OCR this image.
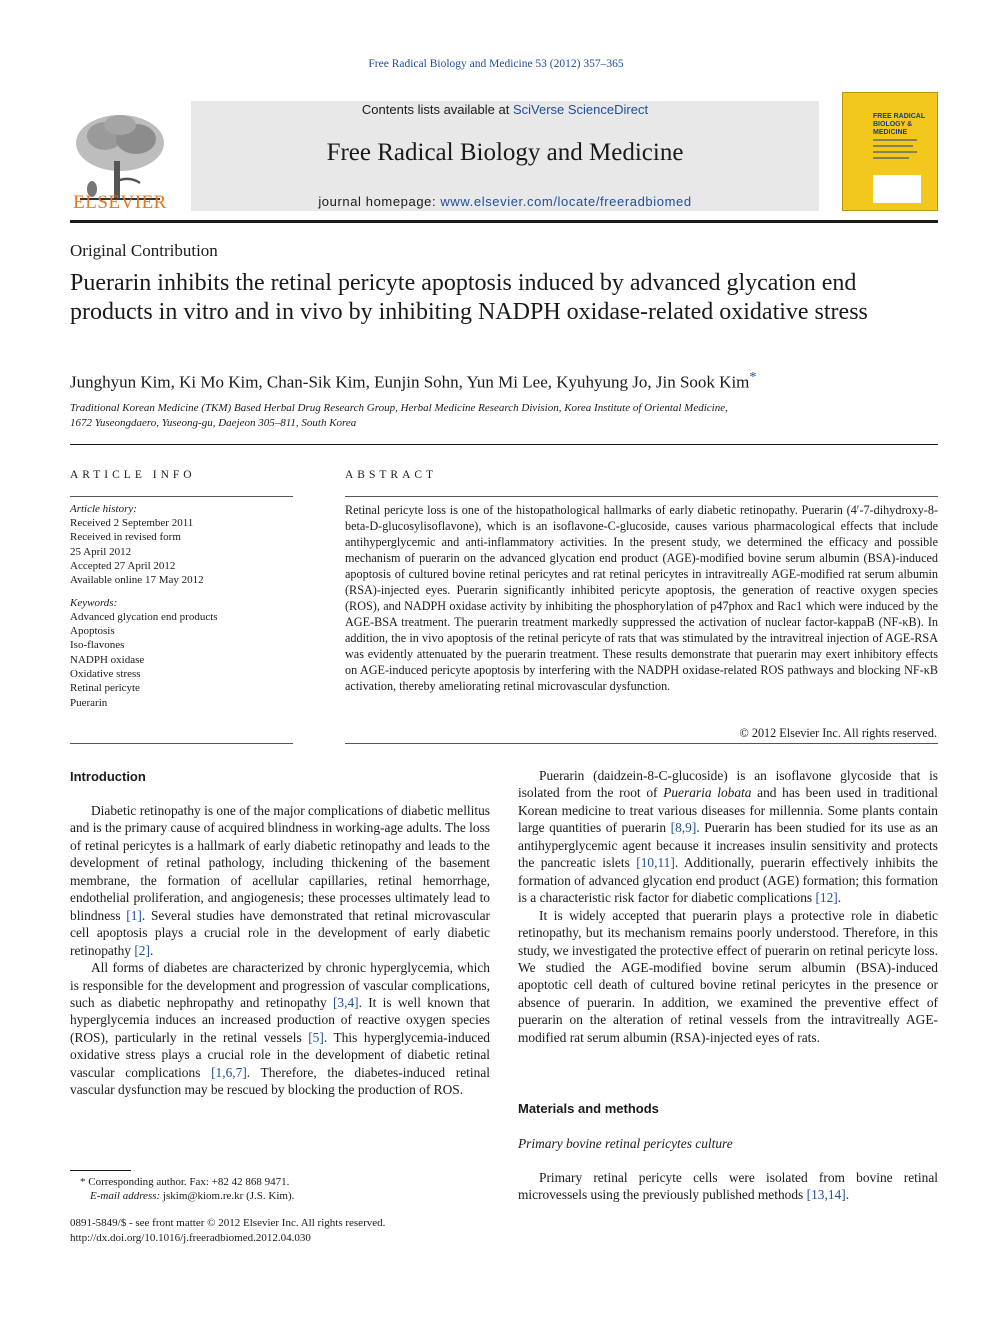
Free Radical Biology and Medicine 53 (2012) 357–365
ELSEVIER
Contents lists available at SciVerse ScienceDirect
Free Radical Biology and Medicine
journal homepage: www.elsevier.com/locate/freeradbiomed
FREE RADICAL BIOLOGY & MEDICINE
Original Contribution
Puerarin inhibits the retinal pericyte apoptosis induced by advanced glycation end products in vitro and in vivo by inhibiting NADPH oxidase-related oxidative stress
Junghyun Kim, Ki Mo Kim, Chan-Sik Kim, Eunjin Sohn, Yun Mi Lee, Kyuhyung Jo, Jin Sook Kim*
Traditional Korean Medicine (TKM) Based Herbal Drug Research Group, Herbal Medicine Research Division, Korea Institute of Oriental Medicine,
1672 Yuseongdaero, Yuseong-gu, Daejeon 305–811, South Korea
ARTICLE INFO	ABSTRACT
Article history:
Received 2 September 2011
Received in revised form
25 April 2012
Accepted 27 April 2012
Available online 17 May 2012
Keywords:
Advanced glycation end products
Apoptosis
Iso-flavones
NADPH oxidase
Oxidative stress
Retinal pericyte
Puerarin

Retinal pericyte loss is one of the histopathological hallmarks of early diabetic retinopathy. Puerarin (4′-7-dihydroxy-8-beta-D-glucosylisoflavone), which is an isoflavone-C-glucoside, causes various pharmacological effects that include antihyperglycemic and anti-inflammatory activities. In the present study, we determined the efficacy and possible mechanism of puerarin on the advanced glycation end product (AGE)-modified bovine serum albumin (BSA)-induced apoptosis of cultured bovine retinal pericytes and rat retinal pericytes in intravitreally AGE-modified rat serum albumin (RSA)-injected eyes. Puerarin significantly inhibited pericyte apoptosis, the generation of reactive oxygen species (ROS), and NADPH oxidase activity by inhibiting the phosphorylation of p47phox and Rac1 which were induced by the AGE-BSA treatment. The puerarin treatment markedly suppressed the activation of nuclear factor-kappaB (NF-κB). In addition, the in vivo apoptosis of the retinal pericyte of rats that was stimulated by the intravitreal injection of AGE-RSA was evidently attenuated by the puerarin treatment. These results demonstrate that puerarin may exert inhibitory effects on AGE-induced pericyte apoptosis by interfering with the NADPH oxidase-related ROS pathways and blocking NF-κB activation, thereby ameliorating retinal microvascular dysfunction.

© 2012 Elsevier Inc. All rights reserved.

Introduction

Diabetic retinopathy is one of the major complications of diabetic mellitus and is the primary cause of acquired blindness in working-age adults. The loss of retinal pericytes is a hallmark of early diabetic retinopathy and leads to the development of retinal pathology, including thickening of the basement membrane, the formation of acellular capillaries, retinal hemorrhage, endothelial proliferation, and angiogenesis; these processes ultimately lead to blindness [1]. Several studies have demonstrated that retinal microvascular cell apoptosis plays a crucial role in the development of early diabetic retinopathy [2].

All forms of diabetes are characterized by chronic hyperglycemia, which is responsible for the development and progression of vascular complications, such as diabetic nephropathy and retinopathy [3,4]. It is well known that hyperglycemia induces an increased production of reactive oxygen species (ROS), particularly in the retinal vessels [5]. This hyperglycemia-induced oxidative stress plays a crucial role in the development of diabetic retinal vascular complications [1,6,7]. Therefore, the diabetes-induced retinal vascular dysfunction may be rescued by blocking the production of ROS.

Puerarin (daidzein-8-C-glucoside) is an isoflavone glycoside that is isolated from the root of Pueraria lobata and has been used in traditional Korean medicine to treat various diseases for millennia. Some plants contain large quantities of puerarin [8,9]. Puerarin has been studied for its use as an antihyperglycemic agent because it increases insulin sensitivity and protects the pancreatic islets [10,11]. Additionally, puerarin effectively inhibits the formation of advanced glycation end product (AGE) formation; this formation is a characteristic risk factor for diabetic complications [12].

It is widely accepted that puerarin plays a protective role in diabetic retinopathy, but its mechanism remains poorly understood. Therefore, in this study, we investigated the protective effect of puerarin on retinal pericyte loss. We studied the AGE-modified bovine serum albumin (BSA)-induced apoptotic cell death of cultured bovine retinal pericytes in the presence or absence of puerarin. In addition, we examined the preventive effect of puerarin on the alteration of retinal vessels from the intravitreally AGE-modified rat serum albumin (RSA)-injected eyes of rats.

Materials and methods

Primary bovine retinal pericytes culture

Primary retinal pericyte cells were isolated from bovine retinal microvessels using the previously published methods [13,14].

* Corresponding author. Fax: +82 42 868 9471.
E-mail address: jskim@kiom.re.kr (J.S. Kim).
0891-5849/$ - see front matter © 2012 Elsevier Inc. All rights reserved.
http://dx.doi.org/10.1016/j.freeradbiomed.2012.04.030
